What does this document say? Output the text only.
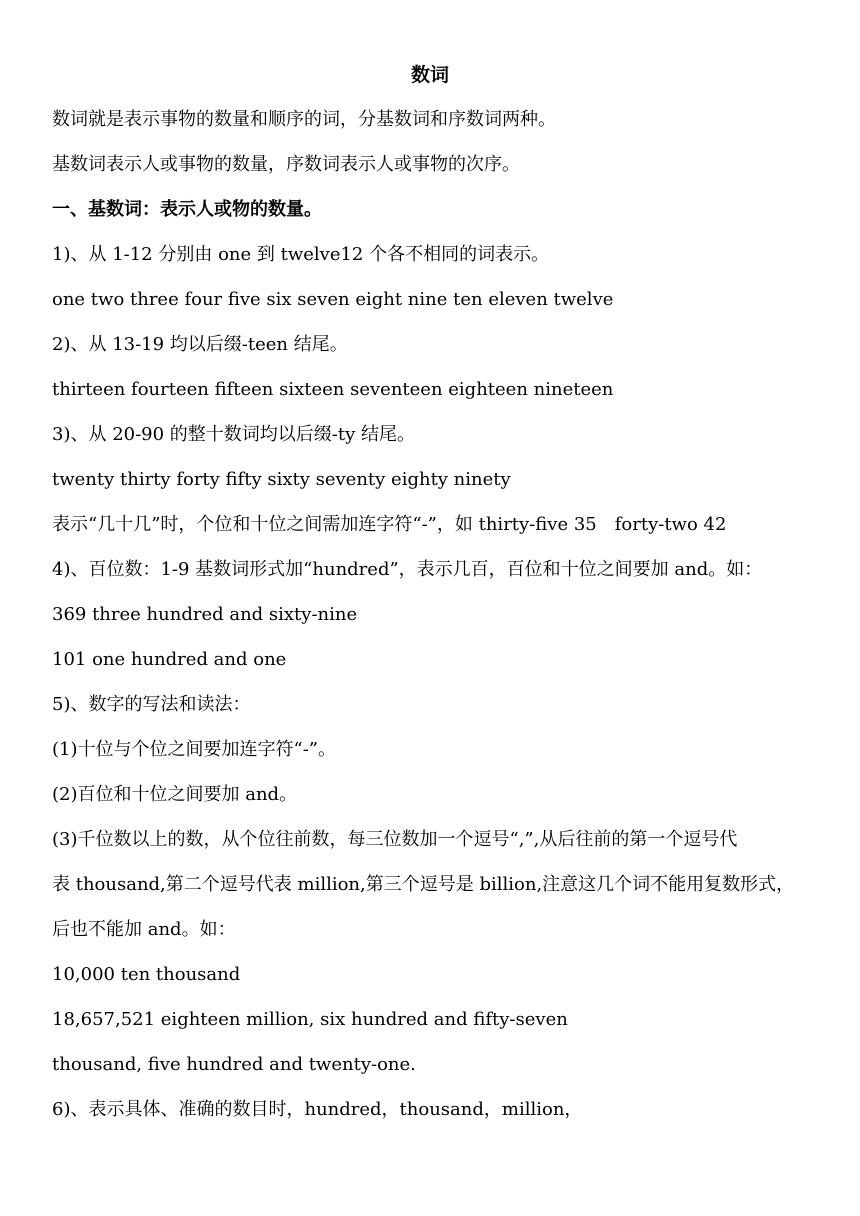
数词
数词就是表示事物的数量和顺序的词，分基数词和序数词两种。
基数词表示人或事物的数量，序数词表示人或事物的次序。
一、基数词：表示人或物的数量。
1)、从 1-12 分别由 one 到 twelve12 个各不相同的词表示。
one two three four five six seven eight nine ten eleven twelve
2)、从 13-19 均以后缀-teen 结尾。
thirteen fourteen fifteen sixteen seventeen eighteen nineteen
3)、从 20-90 的整十数词均以后缀-ty 结尾。
twenty thirty forty fifty sixty seventy eighty ninety
表示“几十几”时，个位和十位之间需加连字符“-”，如 thirty-five 35　forty-two 42
4)、百位数：1-9 基数词形式加“hundred”，表示几百，百位和十位之间要加 and。如：
369 three hundred and sixty-nine
101 one hundred and one
5)、数字的写法和读法：
(1)十位与个位之间要加连字符“-”。
(2)百位和十位之间要加 and。
(3)千位数以上的数，从个位往前数，每三位数加一个逗号“,”,从后往前的第一个逗号代
表 thousand,第二个逗号代表 million,第三个逗号是 billion,注意这几个词不能用复数形式，
后也不能加 and。如：
10,000 ten thousand
18,657,521 eighteen million, six hundred and fifty-seven
thousand, five hundred and twenty-one.
6)、表示具体、准确的数目时，hundred，thousand，million，
